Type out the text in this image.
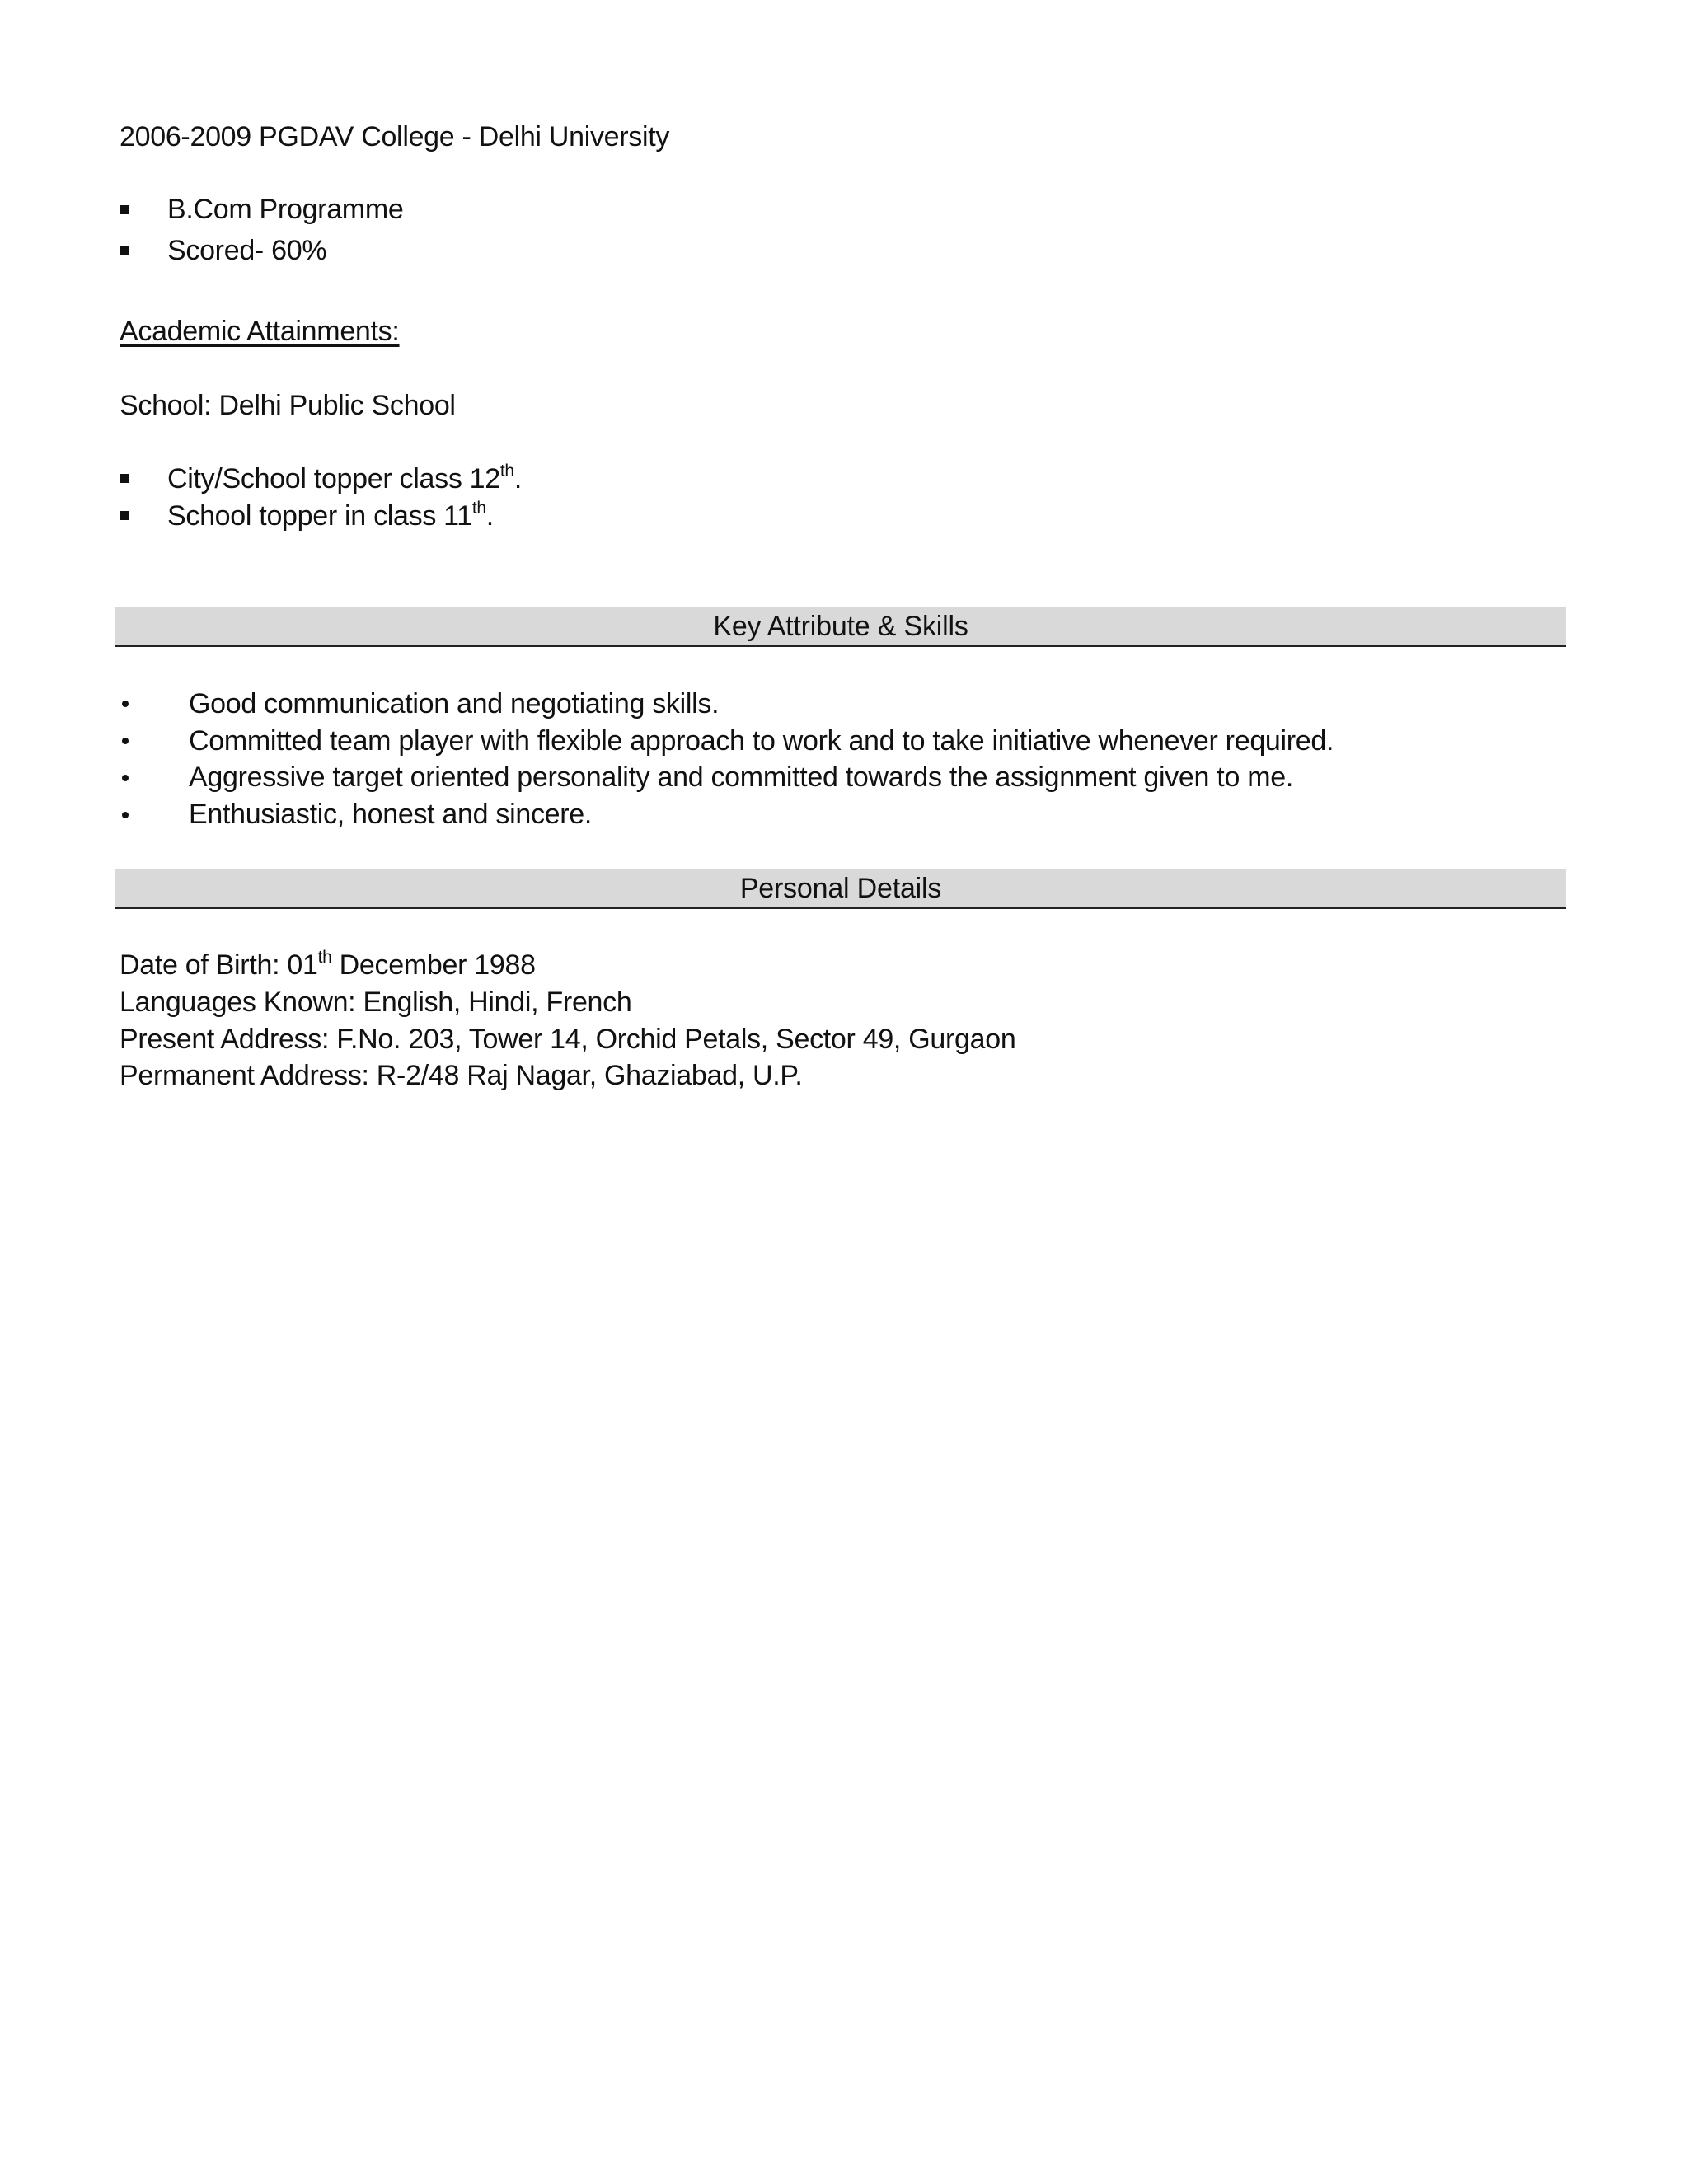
2006-2009 PGDAV College - Delhi University
B.Com Programme
Scored- 60%
Academic Attainments:
School: Delhi Public School
City/School topper class 12th.
School topper in class 11th.
Key Attribute & Skills
Good communication and negotiating skills.
Committed team player with flexible approach to work and to take initiative whenever required.
Aggressive target oriented personality and committed towards the assignment given to me.
Enthusiastic, honest and sincere.
Personal Details
Date of Birth: 01th December 1988
Languages Known: English, Hindi, French
Present Address: F.No. 203, Tower 14, Orchid Petals, Sector 49, Gurgaon
Permanent Address: R-2/48 Raj Nagar, Ghaziabad, U.P.
